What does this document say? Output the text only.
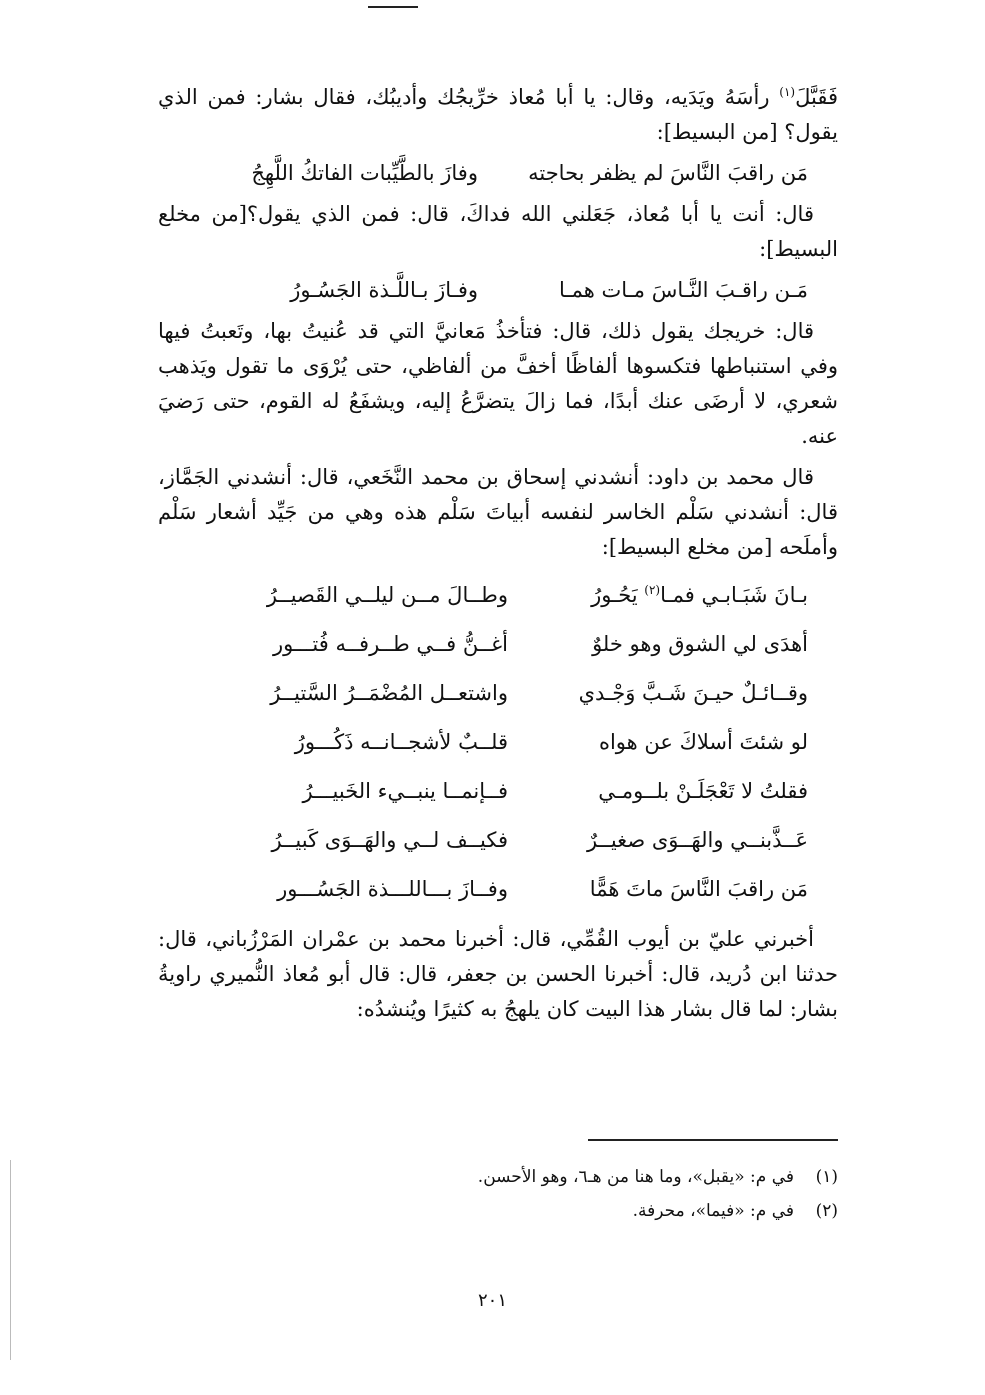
فَقَبَّلَ$^{(١)}$ رأسَهُ ويَدَيه، وقال: يا أبا مُعاذ خرِّيجُك وأديبُك، فقال بشار: فمن الذي يقول؟ [من البسيط]:

مَن راقبَ النَّاسَ لم يظفر بحاجته
وفازَ بالطَّيِّبات الفاتكُ اللَّهِجُ

قال: أنت يا أبا مُعاذ، جَعَلني الله فداكَ، قال: فمن الذي يقول؟[من مخلع البسيط]:

مَـن راقـبَ النَّـاسَ مـات همـا
وفـازَ بـاللَّـذة الجَسُـورُ

قال: خريجك يقول ذلك، قال: فتأخذُ مَعانيَّ التي قد عُنيتُ بها، وتَعبتُ فيها وفي استنباطها فتكسوها ألفاظًا أخفَّ من ألفاظي، حتى يُرْوَى ما تقول ويَذهب شعري، لا أرضَى عنك أبدًا، فما زالَ يتضرَّعُ إليه، ويشفَعُ له القوم، حتى رَضيَ عنه.

قال محمد بن داود: أنشدني إسحاق بن محمد النَّخَعي، قال: أنشدني الجَمَّاز، قال: أنشدني سَلْم الخاسر لنفسه أبياتَ سَلْم هذه وهي من جَيِّد أشعار سَلْم وأملَحه [من مخلع البسيط]:

بـانَ شَبَـابـي فمـا$^{(٢)}$ يَحُـورُ
وطــالَ مــن ليلــي القَصيــرُ
أهدَى لي الشوق وهو خلوٌ
أغــنُّ فــي طــرفــه فُتـــور
وقــائـلٌ حيـنَ شَـبَّ وَجْـدي
واشتعــل المُضْمَــرُ السَّتيــرُ
لو شئتَ أسلاكَ عن هواه
قلــبٌ لأشجــانــه ذَكُـــورُ
فقلتُ لا تَعْجَلَـنْ بلــومـي
فــإنمــا ينبــيء الخَبيـــرُ
عَــذَّبنــي والهَــوَى صغيــرٌ
فكيــف لــي والهَــوَى كَبيــرُ
مَن راقبَ النَّاسَ ماتَ هَمًّا
وفــازَ بـــاللـــذة الجَسُـــور

أخبرني عليّ بن أيوب القُمِّي، قال: أخبرنا محمد بن عمْران المَرْزُباني، قال: حدثنا ابن دُريد، قال: أخبرنا الحسن بن جعفر، قال: قال أبو مُعاذ النُّميري راويةُ بشار: لما قال بشار هذا البيت كان يلهجُ به كثيرًا ويُنشدُه:

(١)
في م: «يقبل»، وما هنا من هـ٦، وهو الأحسن.
(٢)
في م: «فيما»، محرفة.
٢٠١
